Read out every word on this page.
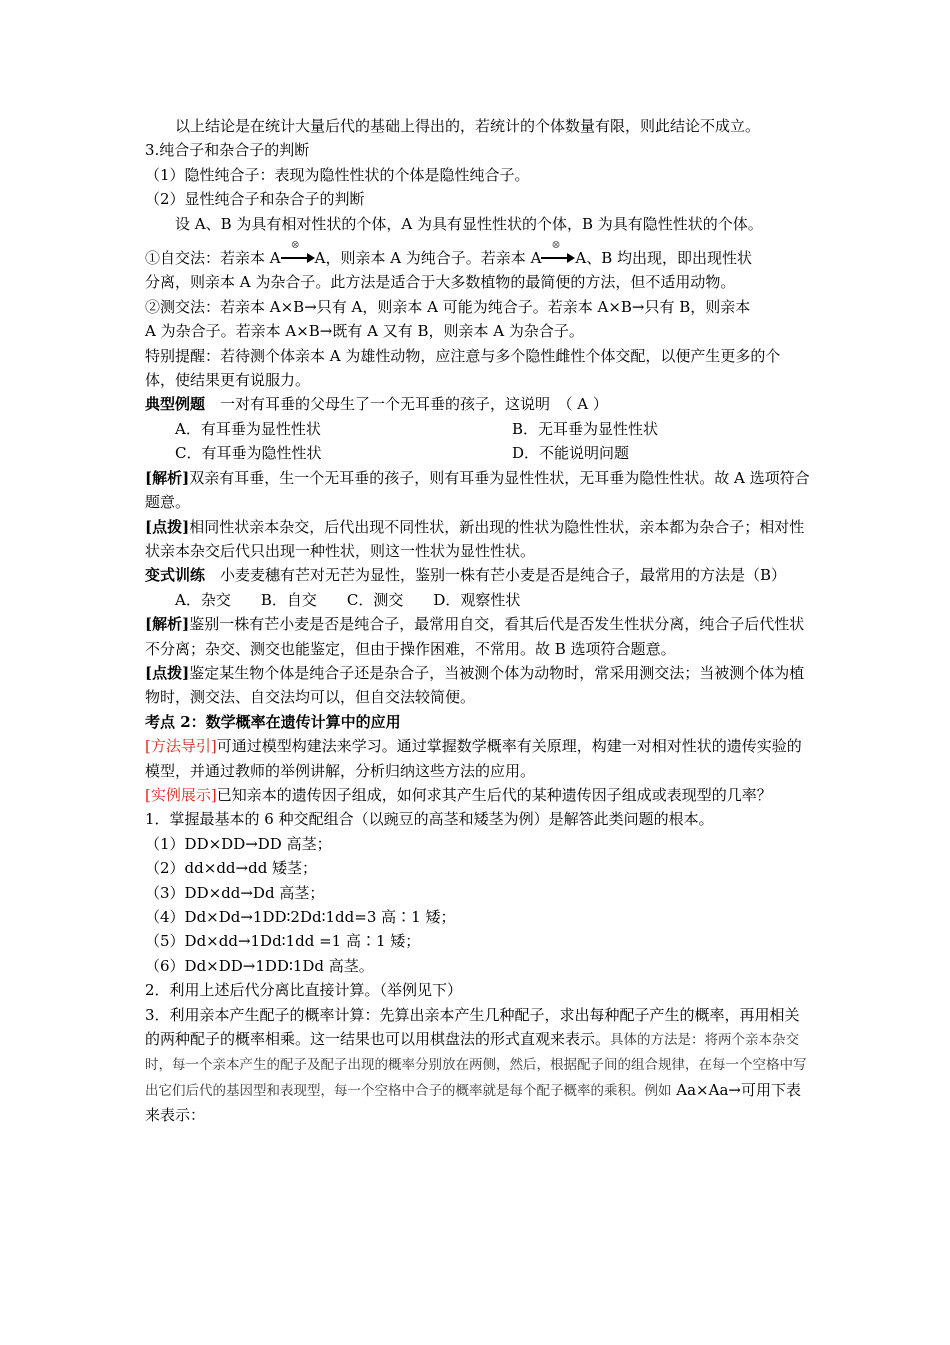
以上结论是在统计大量后代的基础上得出的，若统计的个体数量有限，则此结论不成立。

3.纯合子和杂合子的判断

（1）隐性纯合子：表现为隐性性状的个体是隐性纯合子。

（2）显性纯合子和杂合子的判断

设 A、B 为具有相对性状的个体，A 为具有显性性状的个体，B 为具有隐性性状的个体。

①自交法：若亲本 A
⊗
A，则亲本 A 为纯合子。若亲本 A
⊗
A、B 均出现，即出现性状

分离，则亲本 A 为杂合子。此方法是适合于大多数植物的最简便的方法，但不适用动物。

②测交法：若亲本 A×B→只有 A，则亲本 A 可能为纯合子。若亲本 A×B→只有 B，则亲本

A 为杂合子。若亲本 A×B→既有 A 又有 B，则亲本 A 为杂合子。

特别提醒：若待测个体亲本 A 为雄性动物，应注意与多个隐性雌性个体交配，以便产生更多的个体，使结果更有说服力。

典型例题　一对有耳垂的父母生了一个无耳垂的孩子，这说明　（ A ）

A．有耳垂为显性性状	B．无耳垂为显性性状
C．有耳垂为隐性性状	D．不能说明问题

[解析]双亲有耳垂，生一个无耳垂的孩子，则有耳垂为显性性状，无耳垂为隐性性状。故 A 选项符合题意。

[点拨]相同性状亲本杂交，后代出现不同性状，新出现的性状为隐性性状，亲本都为杂合子；相对性状亲本杂交后代只出现一种性状，则这一性状为显性性状。

变式训练　小麦麦穗有芒对无芒为显性，鉴别一株有芒小麦是否是纯合子，最常用的方法是（B）

A．杂交　　B．自交　　C．测交　　D．观察性状

[解析]鉴别一株有芒小麦是否是纯合子，最常用自交，看其后代是否发生性状分离，纯合子后代性状不分离；杂交、测交也能鉴定，但由于操作困难，不常用。故 B 选项符合题意。

[点拨]鉴定某生物个体是纯合子还是杂合子，当被测个体为动物时，常采用测交法；当被测个体为植物时，测交法、自交法均可以，但自交法较简便。

考点 2：数学概率在遗传计算中的应用

[方法导引]可通过模型构建法来学习。通过掌握数学概率有关原理，构建一对相对性状的遗传实验的模型，并通过教师的举例讲解，分析归纳这些方法的应用。

[实例展示]已知亲本的遗传因子组成，如何求其产生后代的某种遗传因子组成或表现型的几率？

1．掌握最基本的 6 种交配组合（以豌豆的高茎和矮茎为例）是解答此类问题的根本。

（1）DD×DD→DD 高茎；

（2）dd×dd→dd 矮茎；

（3）DD×dd→Dd 高茎；

（4）Dd×Dd→1DD∶2Dd∶1dd=3 高∶1 矮；

（5）Dd×dd→1Dd∶1dd =1 高∶1 矮；

（6）Dd×DD→1DD∶1Dd 高茎。

2．利用上述后代分离比直接计算。（举例见下）

3．利用亲本产生配子的概率计算：先算出亲本产生几种配子，求出每种配子产生的概率，再用相关的两种配子的概率相乘。这一结果也可以用棋盘法的形式直观来表示。具体的方法是：将两个亲本杂交时，每一个亲本产生的配子及配子出现的概率分别放在两侧，然后，根据配子间的组合规律，在每一个空格中写出它们后代的基因型和表现型，每一个空格中合子的概率就是每个配子概率的乘积。例如 Aa×Aa→可用下表来表示：
